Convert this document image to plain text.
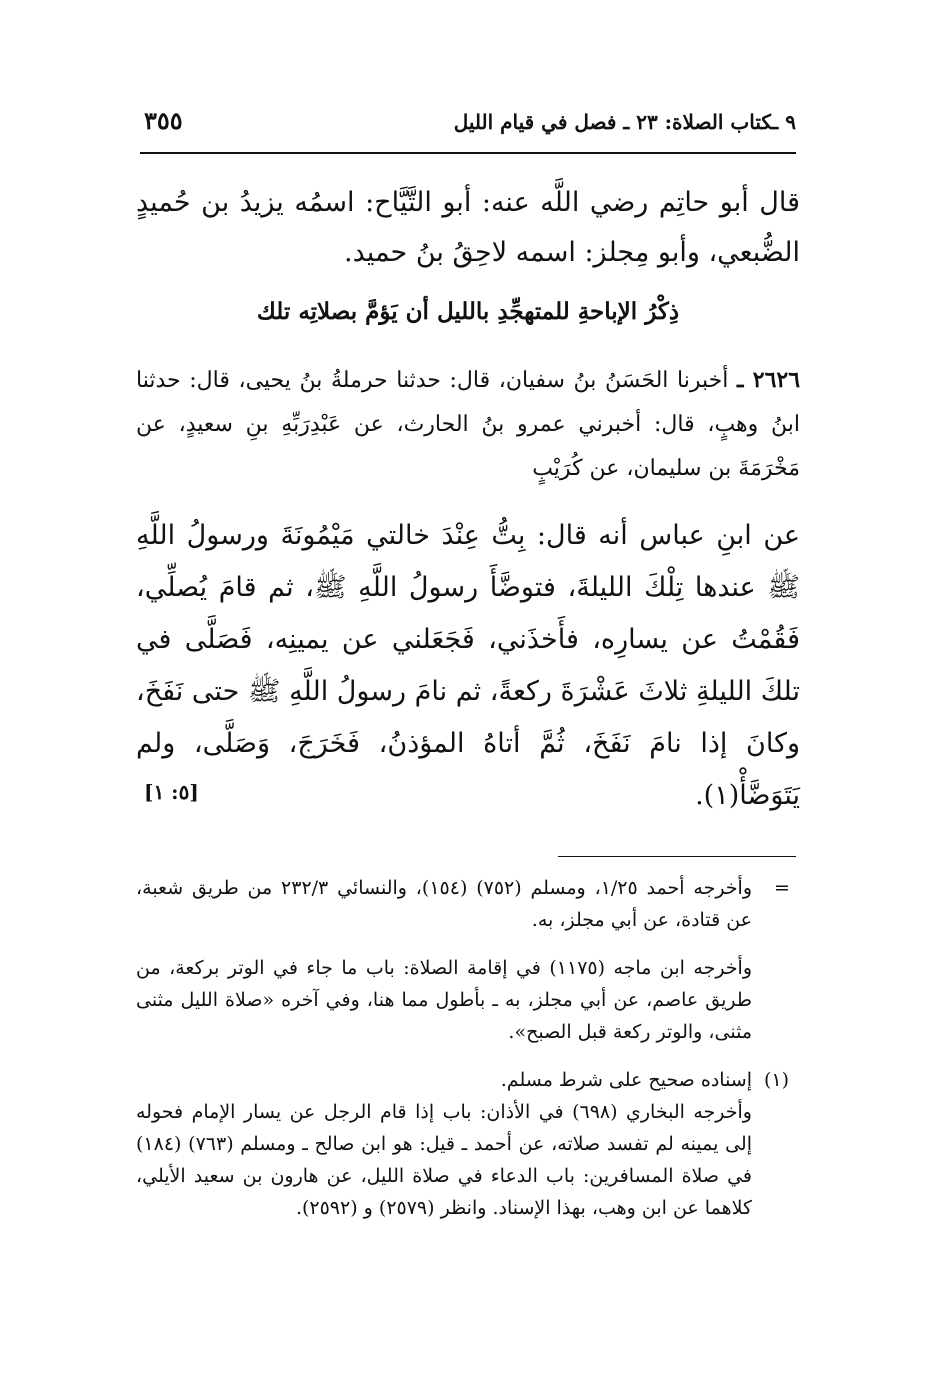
٩ ـكتاب الصلاة: ٢٣ ـ فصل في قيام الليل
٣٥٥
قال أبو حاتِم رضي اللَّه عنه: أبو التَّيَّاح: اسمُه يزيدُ بن حُميدٍ الضُّبعي، وأبو مِجلز: اسمه لاحِقُ بنُ حميد.
ذِكْرُ الإباحةِ للمتهجِّدِ بالليل أن يَؤمَّ بصلاتِه تلك
٢٦٢٦ ـ أخبرنا الحَسَنُ بنُ سفيان، قال: حدثنا حرملةُ بنُ يحيى، قال: حدثنا ابنُ وهبٍ، قال: أخبرني عمرو بنُ الحارث، عن عَبْدِرَبِّهِ بنِ سعيدٍ، عن مَخْرَمَةَ بن سليمان، عن كُرَيْبٍ
عن ابنِ عباس أنه قال: بِتُّ عِنْدَ خالتي مَيْمُونَةَ ورسولُ اللَّهِ ﷺ عندها تِلْكَ الليلةَ، فتوضَّأَ رسولُ اللَّهِ ﷺ، ثم قامَ يُصلِّي، فَقُمْتُ عن يسارِه، فأَخذَني، فَجَعَلني عن يمينِه، فَصَلَّى في تلكَ الليلةِ ثلاثَ عَشْرَةَ ركعةً، ثم نامَ رسولُ اللَّهِ ﷺ حتى نَفَخَ، وكانَ إذا نامَ نَفَخَ، ثُمَّ أتاهُ المؤذنُ، فَخَرَجَ، وَصَلَّى، ولم يَتَوَضَّأْ(١).
[٥: ١]
=
وأخرجه أحمد ١/٢٥، ومسلم (٧٥٢) (١٥٤)، والنسائي ٢٣٢/٣ من طريق شعبة، عن قتادة، عن أبي مجلز، به.
وأخرجه ابن ماجه (١١٧٥) في إقامة الصلاة: باب ما جاء في الوتر بركعة، من طريق عاصم، عن أبي مجلز، به ـ بأطول مما هنا، وفي آخره «صلاة الليل مثنى مثنى، والوتر ركعة قبل الصبح».
(١)
إسناده صحيح على شرط مسلم.
وأخرجه البخاري (٦٩٨) في الأذان: باب إذا قام الرجل عن يسار الإمام فحوله إلى يمينه لم تفسد صلاته، عن أحمد ـ قيل: هو ابن صالح ـ ومسلم (٧٦٣) (١٨٤) في صلاة المسافرين: باب الدعاء في صلاة الليل، عن هارون بن سعيد الأيلي، كلاهما عن ابن وهب، بهذا الإسناد. وانظر (٢٥٧٩) و (٢٥٩٢).
